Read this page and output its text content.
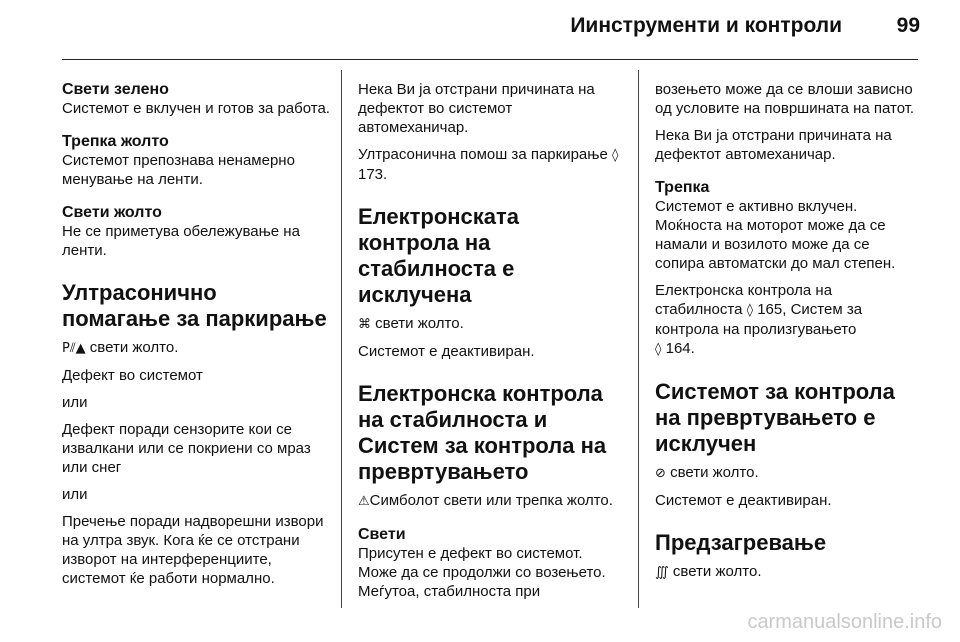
Иинструменти и контроли	99

Свети зелено

Системот е вклучен и готов за работа.

Трепка жолто

Системот препознава ненамерно менување на ленти.

Свети жолто

Не се приметува обележување на ленти.

Ултрасонично помагање за паркирање

P⫽▲ свети жолто.

Дефект во системот

или

Дефект поради сензорите кои се извалкани или се покриени со мраз или снег

или

Пречење поради надворешни извори на ултра звук. Кога ќе се отстрани изворот на интерференциите, системот ќе работи нормално.

Нека Ви ја отстрани причината на дефектот во системот автомеханичар.

Ултрасонична помош за паркирање ◊ 173.

Електронската контрола на стабилноста е исклучена

⌘ свети жолто.

Системот е деактивиран.

Електронска контрола на стабилноста и Систем за контрола на превртувањето

⚠Симболот свети или трепка жолто.

Свети

Присутен е дефект во системот. Може да се продолжи со возењето. Меѓутоа, стабилноста при

возењето може да се влоши зависно од условите на површината на патот.

Нека Ви ја отстрани причината на дефектот автомеханичар.

Трепка

Системот е активно вклучен. Моќноста на моторот може да се намали и возилото може да се сопира автоматски до мал степен.

Електронска контрола на стабилноста ◊ 165, Систем за контрола на пролизгувањето
◊ 164.

Системот за контрола на превртувањето е исклучен

⊘ свети жолто.

Системот е деактивиран.

Предзагревање

∭ свети жолто.

carmanualsonline.info
